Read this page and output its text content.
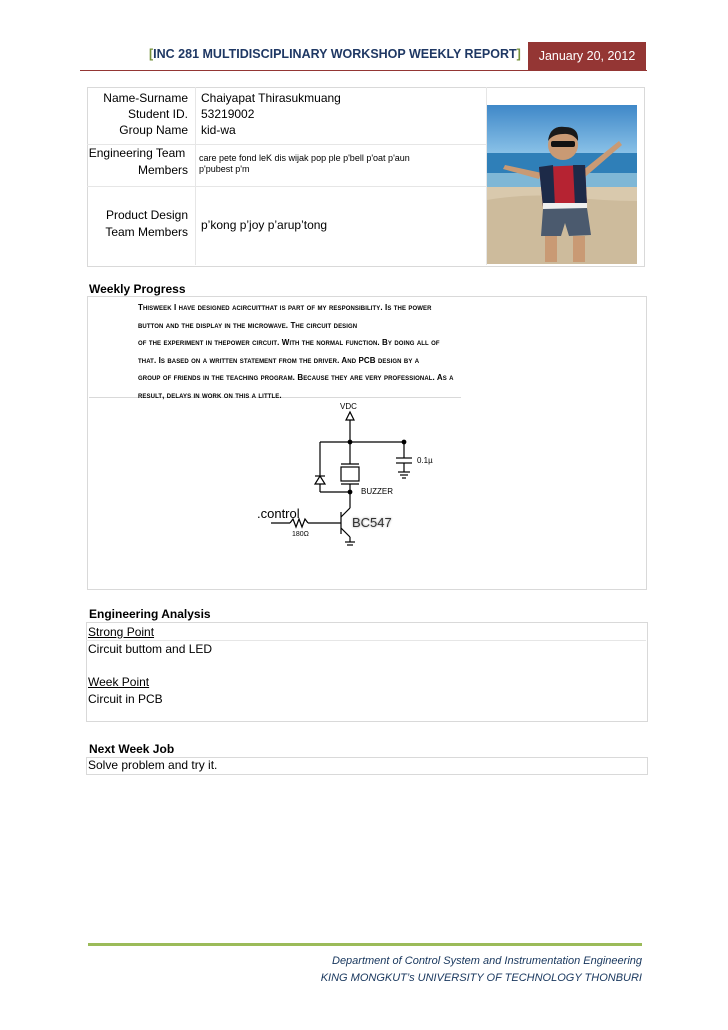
[INC 281 MULTIDISCIPLINARY WORKSHOP WEEKLY REPORT]	January 20, 2012
Name-Surname Chaiyapat Thirasukmuang
Student ID. 53219002
Group Name kid-wa
Engineering Team
Members
care pete fond leK dis wijak pop ple p'bell p'oat p'aun
p'pubest p'm
Product Design
Team Members p’kong p’joy p’arup’tong
Weekly Progress

Thisweek I have designed acircuitthat is part of my responsibility. Is the power

button and the display in the microwave. The circuit design

of the experiment in thepower circuit. With the normal function. By doing all of

that. Is based on a written statement from the driver. And PCB design by a

group of friends in the teaching program. Because they are very professional. As a

result, delays in work on this a little.

VDC
0.1µ
BUZZER
.control
BC547
180Ω
Engineering Analysis
Strong Point
Circuit buttom and LED
Week Point
Circuit in PCB
Next Week Job
Solve problem and try it.
Department of Control System and Instrumentation Engineering
KING MONGKUT’s UNIVERSITY OF TECHNOLOGY THONBURI
